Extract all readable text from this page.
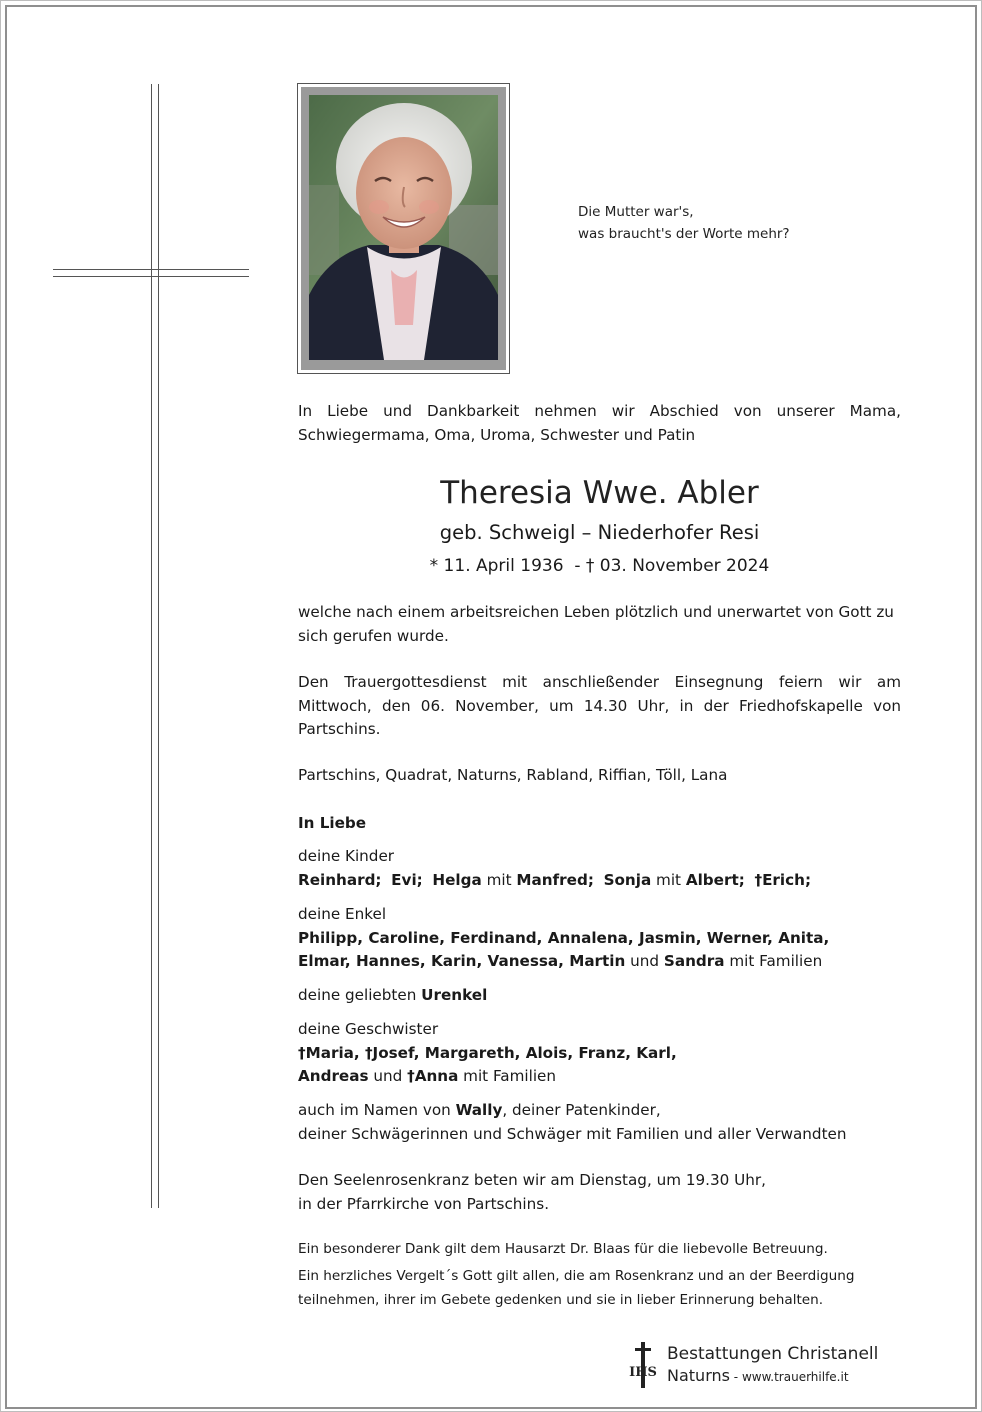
Die Mutter war's,
was braucht's der Worte mehr?
In Liebe und Dankbarkeit nehmen wir Abschied von unserer Mama, Schwiegermama, Oma, Uroma, Schwester und Patin
Theresia Wwe. Abler
geb. Schweigl – Niederhofer Resi
* 11. April 1936  - † 03. November 2024
welche nach einem arbeitsreichen Leben plötzlich und unerwartet von Gott zu sich gerufen wurde.
Den Trauergottesdienst mit anschließender Einsegnung feiern wir am Mittwoch, den 06. November, um 14.30 Uhr, in der Friedhofskapelle von Partschins.
Partschins, Quadrat, Naturns, Rabland, Riffian, Töll, Lana
In Liebe
deine Kinder
Reinhard; Evi; Helga mit Manfred; Sonja mit Albert; †Erich;
deine Enkel
Philipp, Caroline, Ferdinand, Annalena, Jasmin, Werner, Anita,
Elmar, Hannes, Karin, Vanessa, Martin und Sandra mit Familien
deine geliebten Urenkel
deine Geschwister
†Maria, †Josef, Margareth, Alois, Franz, Karl,
Andreas und †Anna mit Familien
auch im Namen von Wally, deiner Patenkinder,
deiner Schwägerinnen und Schwäger mit Familien und aller Verwandten
Den Seelenrosenkranz beten wir am Dienstag, um 19.30 Uhr,
in der Pfarrkirche von Partschins.
Ein besonderer Dank gilt dem Hausarzt Dr. Blaas für die liebevolle Betreuung.
Ein herzliches Vergelt´s Gott gilt allen, die am Rosenkranz und an der Beerdigung teilnehmen, ihrer im Gebete gedenken und sie in lieber Erinnerung behalten.
IHS
Bestattungen Christanell
Naturns - www.trauerhilfe.it
